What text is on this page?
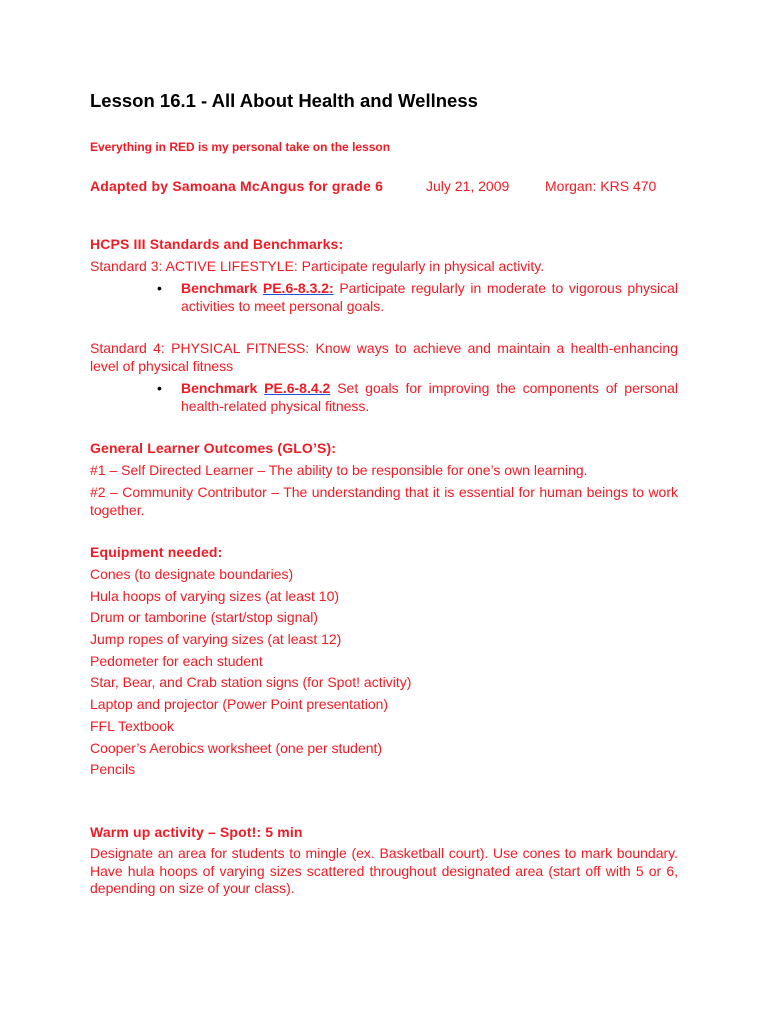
Lesson 16.1 - All About Health and Wellness
Everything in RED is my personal take on the lesson
Adapted by Samoana McAngus for grade 6	July 21, 2009	Morgan: KRS 470
HCPS III Standards and Benchmarks:
Standard 3: ACTIVE LIFESTYLE: Participate regularly in physical activity.
• Benchmark PE.6-8.3.2: Participate regularly in moderate to vigorous physical activities to meet personal goals.
Standard 4: PHYSICAL FITNESS: Know ways to achieve and maintain a health-enhancing level of physical fitness
• Benchmark PE.6-8.4.2 Set goals for improving the components of personal health-related physical fitness.
General Learner Outcomes (GLO’S):
#1 – Self Directed Learner – The ability to be responsible for one’s own learning.
#2 – Community Contributor – The understanding that it is essential for human beings to work together.
Equipment needed:
Cones (to designate boundaries)
Hula hoops of varying sizes (at least 10)
Drum or tamborine (start/stop signal)
Jump ropes of varying sizes (at least 12)
Pedometer for each student
Star, Bear, and Crab station signs (for Spot! activity)
Laptop and projector (Power Point presentation)
FFL Textbook
Cooper’s Aerobics worksheet (one per student)
Pencils
Warm up activity – Spot!: 5 min
Designate an area for students to mingle (ex. Basketball court). Use cones to mark boundary. Have hula hoops of varying sizes scattered throughout designated area (start off with 5 or 6, depending on size of your class).
